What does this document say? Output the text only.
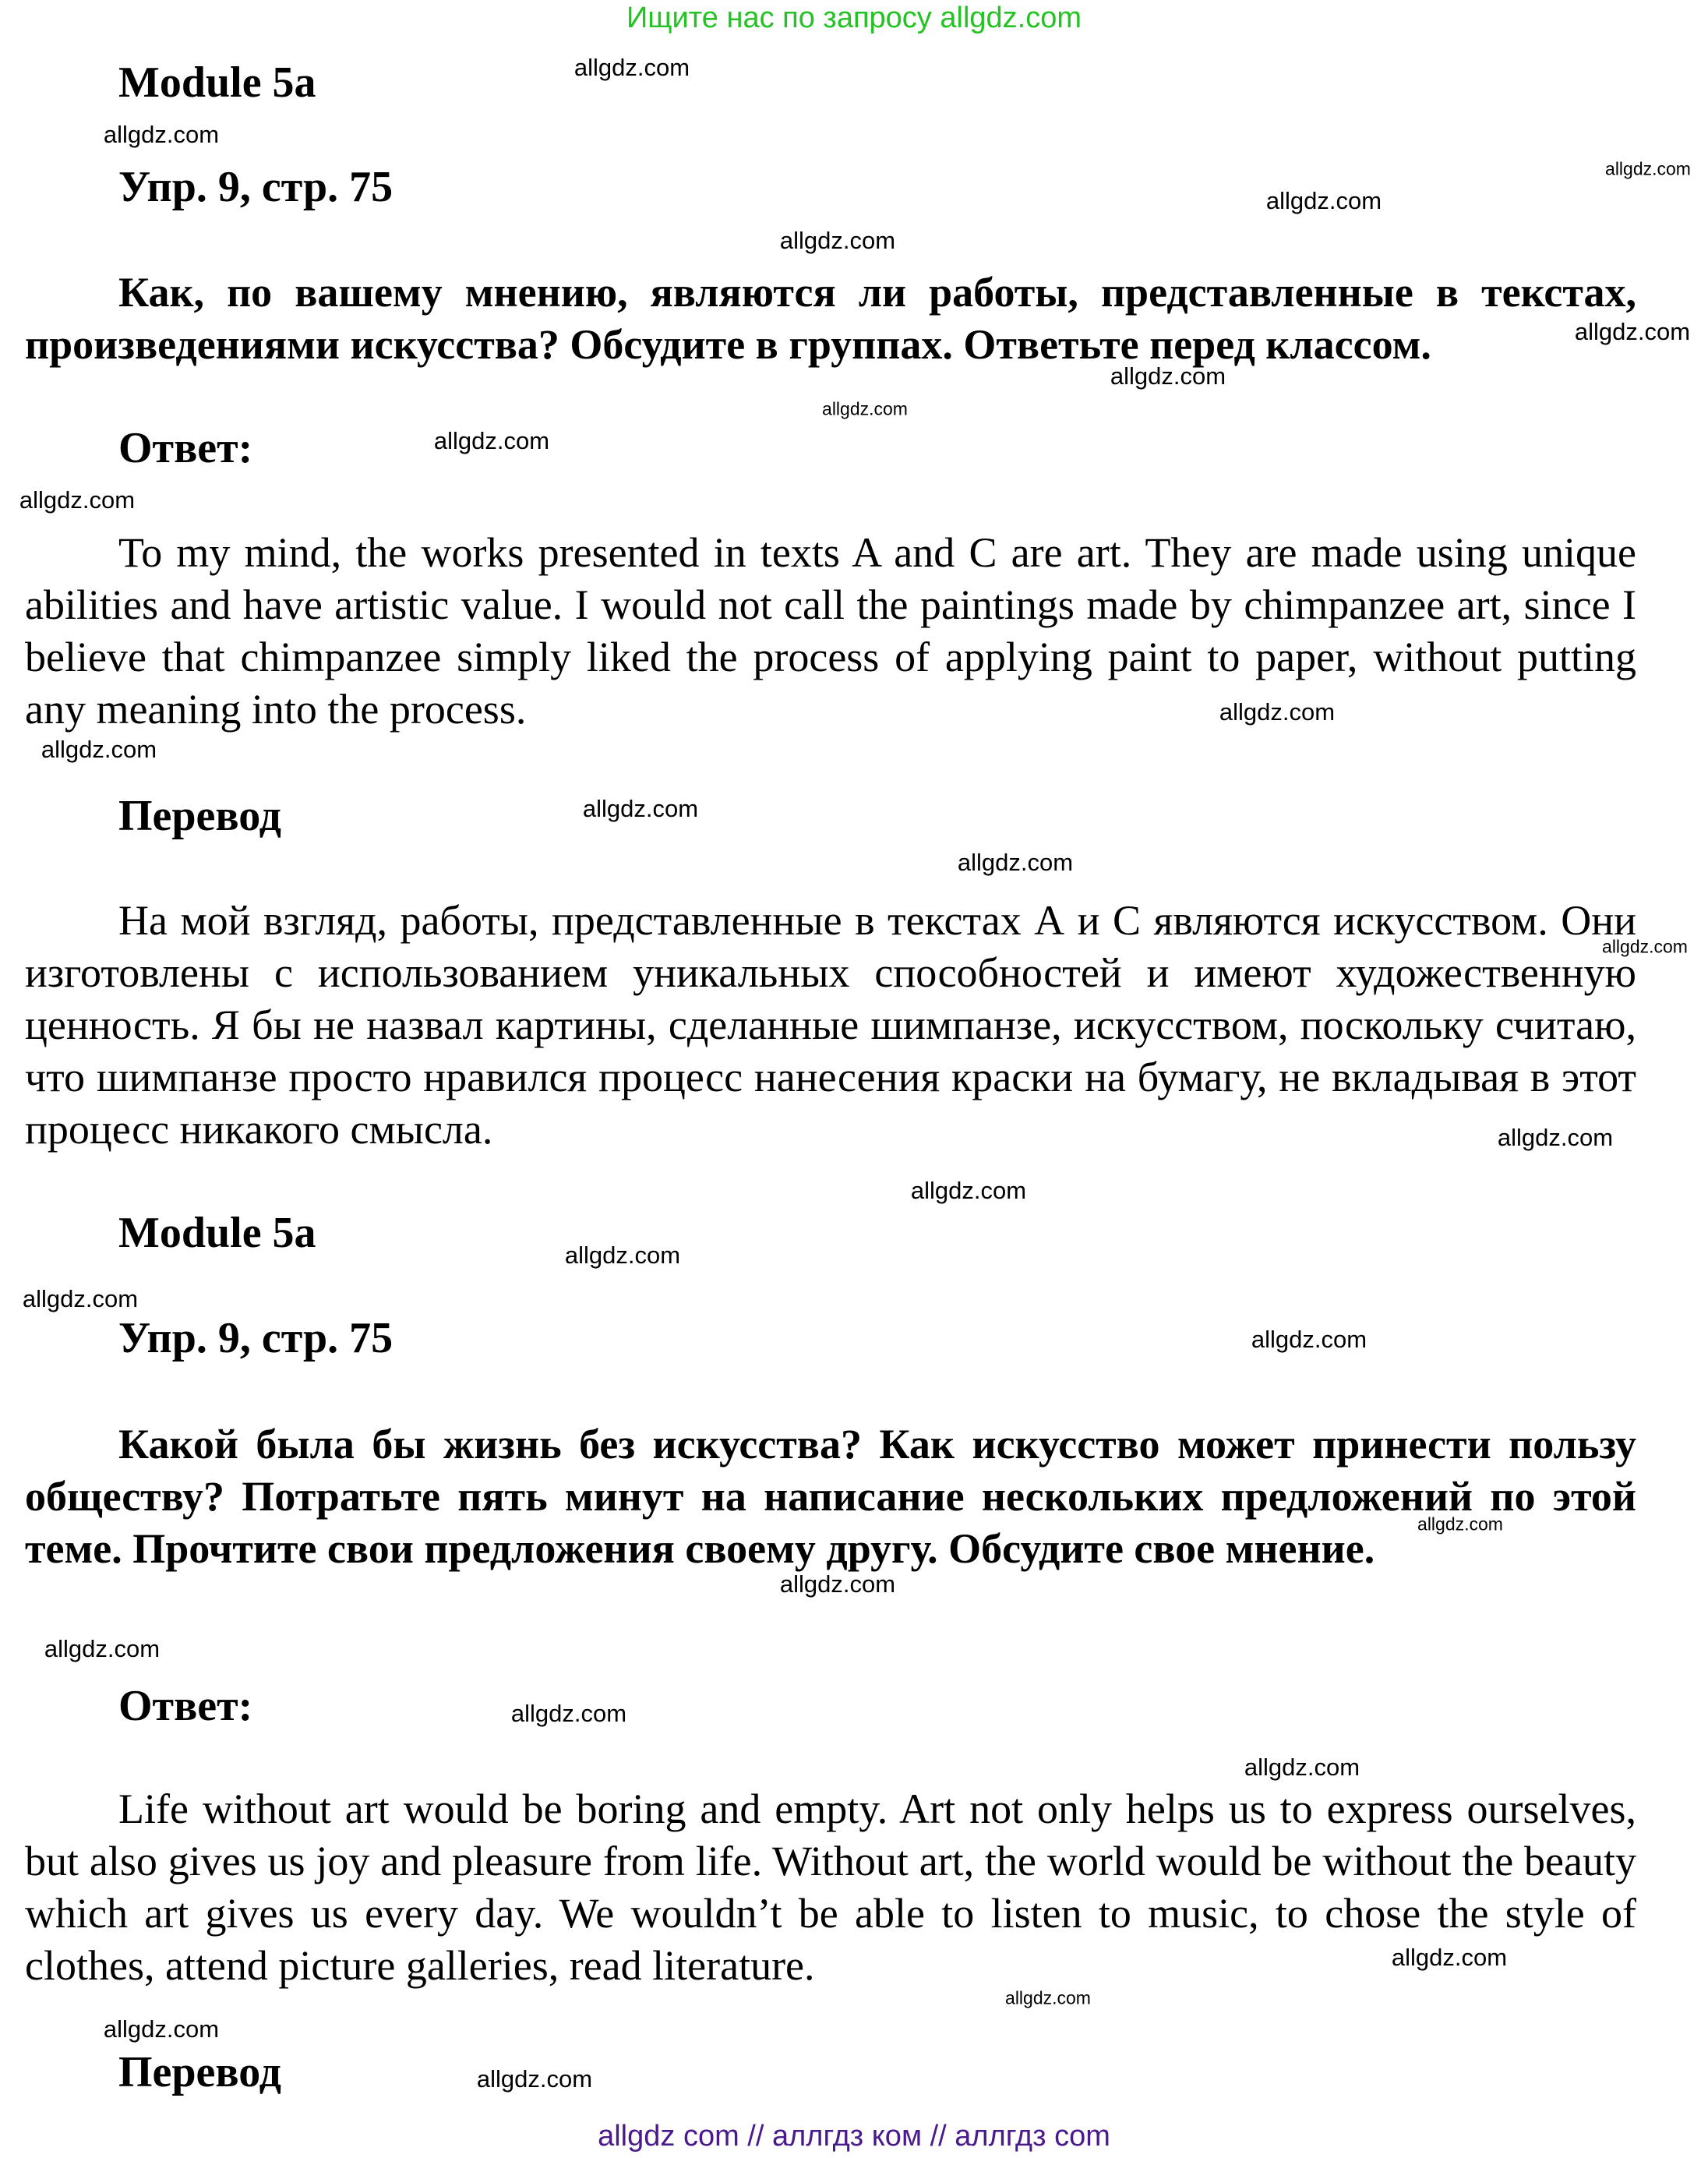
Ищите нас по запросу allgdz.com
Module 5a
Упр. 9, стр. 75
Как, по вашему мнению, являются ли работы, представленные в текстах, произведениями искусства? Обсудите в группах. Ответьте перед классом.
Ответ:
To my mind, the works presented in texts A and C are art. They are made using unique abilities and have artistic value. I would not call the paintings made by chimpanzee art, since I believe that chimpanzee simply liked the process of applying paint to paper, without putting any meaning into the process.
Перевод
На мой взгляд, работы, представленные в текстах А и С являются искусством. Они изготовлены с использованием уникальных способностей и имеют художественную ценность. Я бы не назвал картины, сделанные шимпанзе, искусством, поскольку считаю, что шимпанзе просто нравился процесс нанесения краски на бумагу, не вкладывая в этот процесс никакого смысла.
Module 5a
Упр. 9, стр. 75
Какой была бы жизнь без искусства? Как искусство может принести пользу обществу? Потратьте пять минут на написание нескольких предложений по этой теме. Прочтите свои предложения своему другу. Обсудите свое мнение.
Ответ:
Life without art would be boring and empty. Art not only helps us to express ourselves, but also gives us joy and pleasure from life. Without art, the world would be without the beauty which art gives us every day. We wouldn’t be able to listen to music, to chose the style of clothes, attend picture galleries, read literature.
Перевод
allgdz.com
allgdz.com
allgdz.com
allgdz.com
allgdz.com
allgdz.com
allgdz.com
allgdz.com
allgdz.com
allgdz.com
allgdz.com
allgdz.com
allgdz.com
allgdz.com
allgdz.com
allgdz.com
allgdz.com
allgdz.com
allgdz.com
allgdz.com
allgdz.com
allgdz.com
allgdz.com
allgdz.com
allgdz.com
allgdz.com
allgdz.com
allgdz.com
allgdz.com
allgdz com // аллгдз ком // аллгдз com
